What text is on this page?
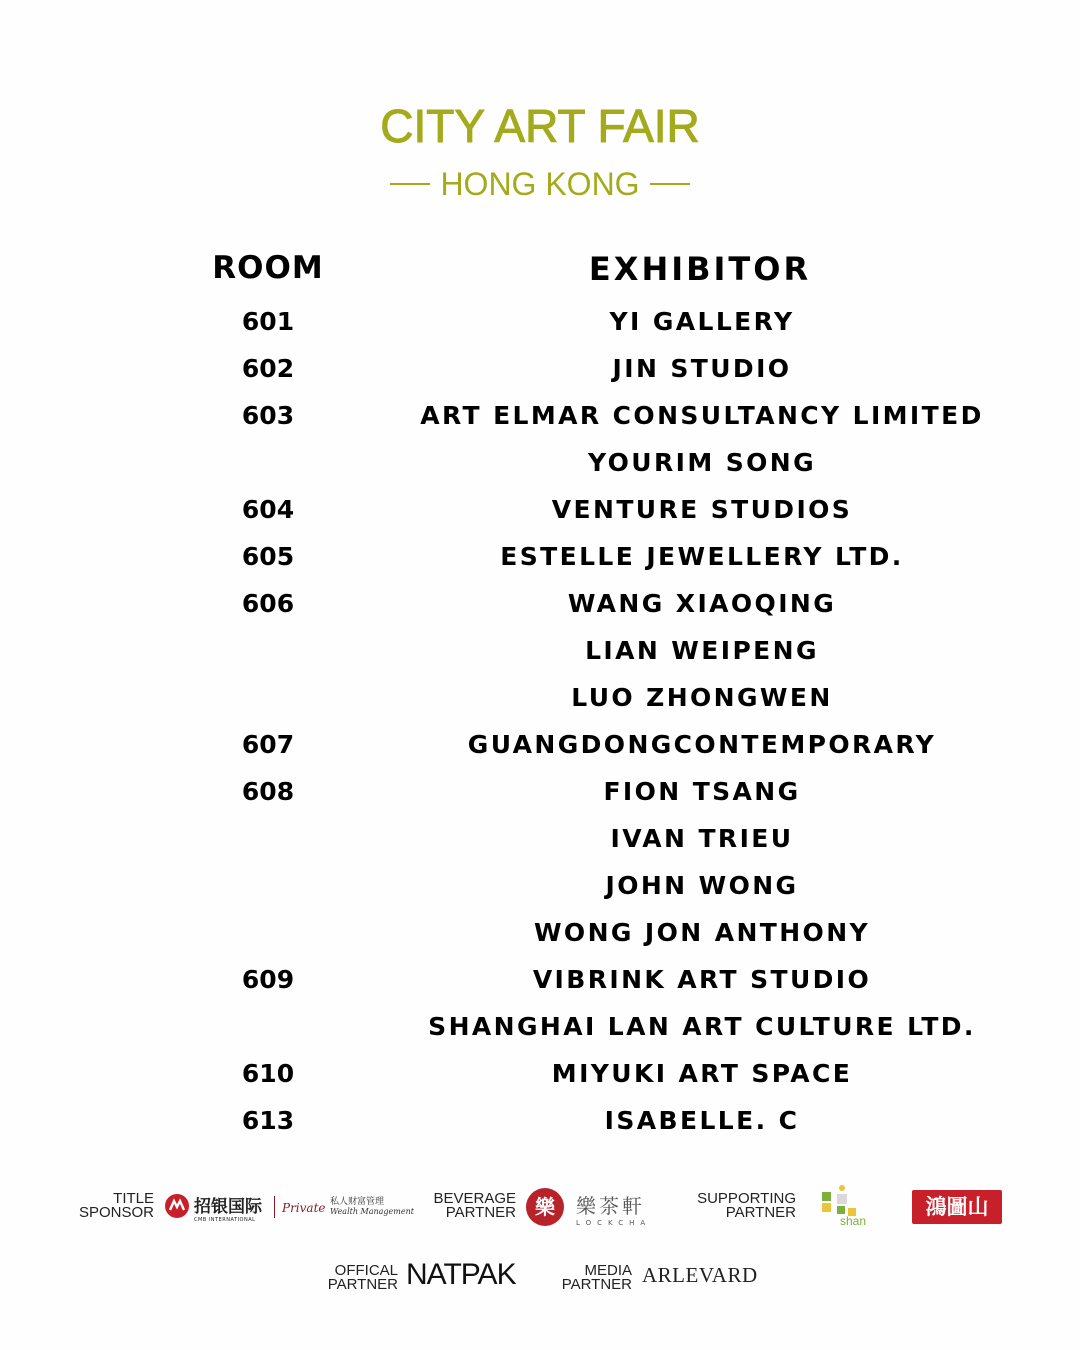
CITY ART FAIR
HONG KONG
ROOM	EXHIBITOR
601	YI GALLERY
602	JIN STUDIO
603	ART ELMAR CONSULTANCY LIMITED
YOURIM SONG
604	VENTURE STUDIOS
605	ESTELLE JEWELLERY LTD.
606	WANG XIAOQING
LIAN WEIPENG
LUO ZHONGWEN
607	GUANGDONGCONTEMPORARY
608	FION TSANG
IVAN TRIEU
JOHN WONG
WONG JON ANTHONY
609	VIBRINK ART STUDIO
SHANGHAI LAN ART CULTURE LTD.
610	MIYUKI ART SPACE
613	ISABELLE. C
TITLE
SPONSOR 招银国际
CMB INTERNATIONAL
Private 私人财富管理
Wealth Management
BEVERAGE
PARTNER 樂	樂茶軒
LOCKCHA
SUPPORTING
PARTNER	shan
鴻圖山
OFFICAL
PARTNER NATPAK	MEDIA
PARTNER ARLEVARD
